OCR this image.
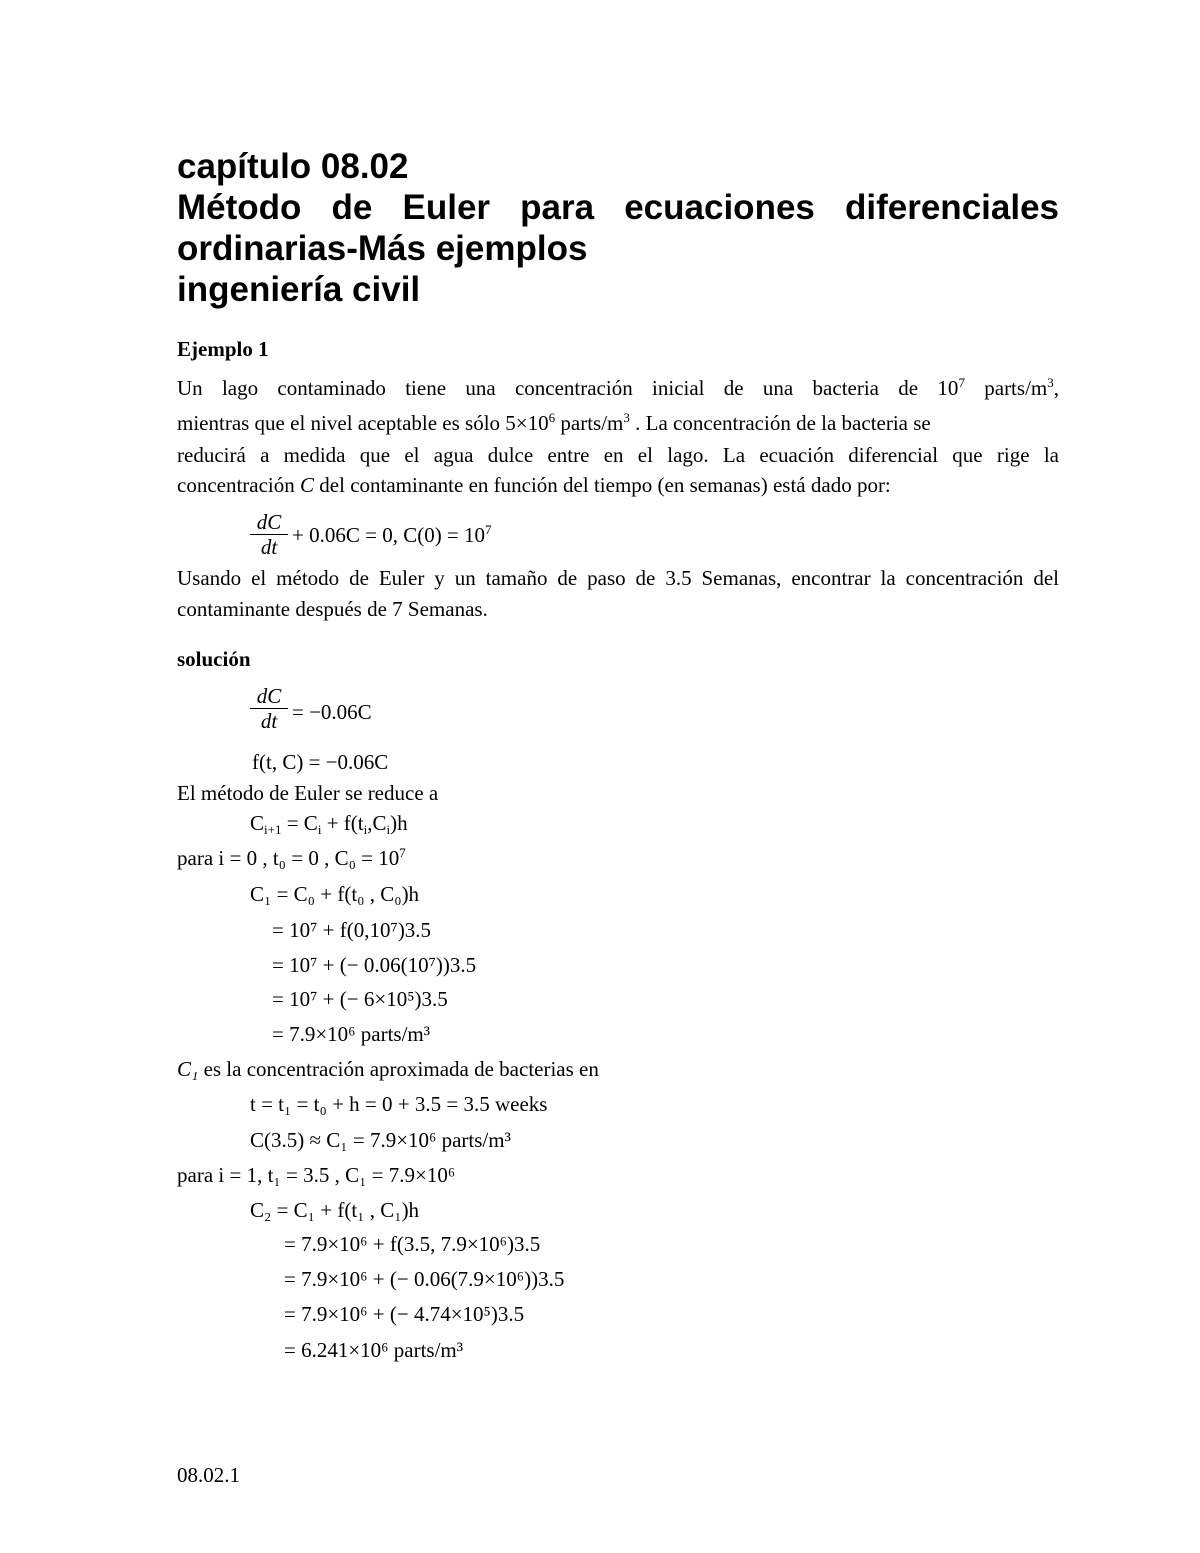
capítulo 08.02
Método de Euler para ecuaciones diferenciales
ordinarias-Más ejemplos
ingeniería civil
Ejemplo 1
Un lago contaminado tiene una concentración inicial de una bacteria de $10^7$ parts/$m^3$,
mientras que el nivel aceptable es sólo $5\times 10^6$ parts/$m^3$ . La concentración de la bacteria se
reducirá a medida que el agua dulce entre en el lago. La ecuación diferencial que rige la
concentración C del contaminante en función del tiempo (en semanas) está dado por:
dC
dt + 0.06C = 0, $C(0) = 10^7$

Usando el método de Euler y un tamaño de paso de 3.5 Semanas, encontrar la concentración del contaminante después de 7 Semanas.

solución
dC
dt = −0.06C
f(t, C) = −0.06C
El método de Euler se reduce a
$C_{i+1} = C_i + f(t_i,C_i)h$
para i = 0 , t₀ = 0 , $C_0 = 10^7$
C₁ = C₀ + f(t₀ , C₀)h
= 10⁷ + f(0,10⁷)3.5
= 10⁷ + (− 0.06(10⁷))3.5
= 10⁷ + (− 6×10⁵)3.5
= 7.9×10⁶ parts/m³
C₁ es la concentración aproximada de bacterias en
t = t₁ = t₀ + h = 0 + 3.5 = 3.5 weeks
C(3.5) ≈ C₁ = 7.9×10⁶ parts/m³
para i = 1, t₁ = 3.5 , C₁ = 7.9×10⁶
C₂ = C₁ + f(t₁ , C₁)h
= 7.9×10⁶ + f(3.5, 7.9×10⁶)3.5
= 7.9×10⁶ + (− 0.06(7.9×10⁶))3.5
= 7.9×10⁶ + (− 4.74×10⁵)3.5
= 6.241×10⁶ parts/m³
08.02.1
